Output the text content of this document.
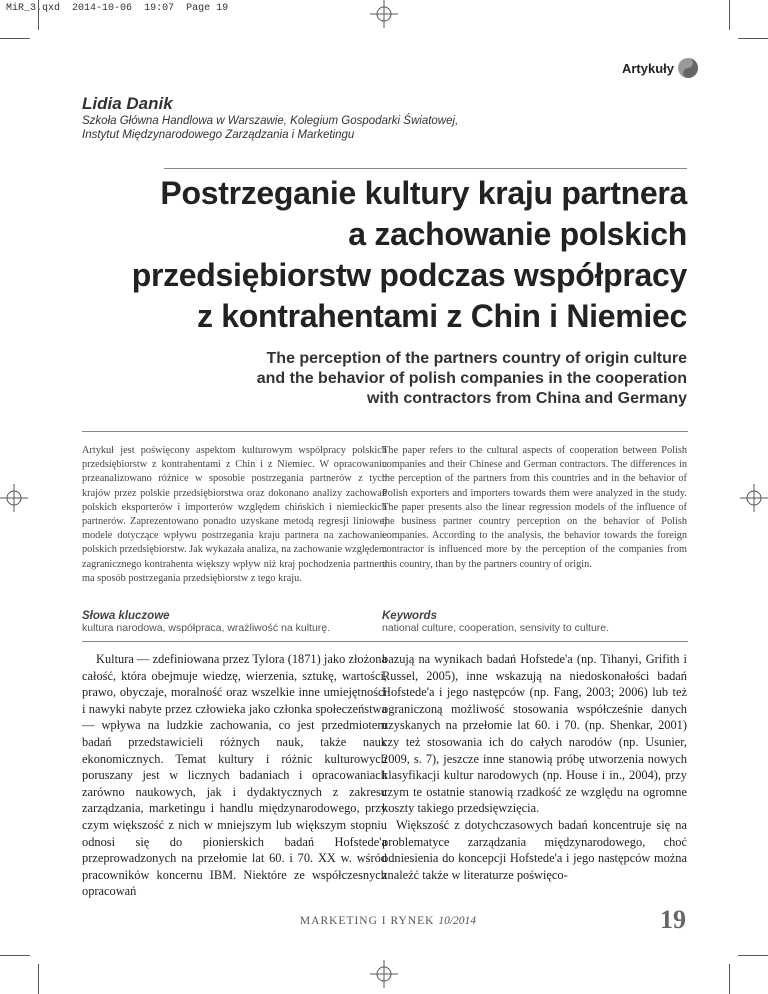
MiR_3.qxd 2014-10-06 19:07 Page 19
Artykuły
Lidia Danik
Szkoła Główna Handlowa w Warszawie, Kolegium Gospodarki Światowej,
Instytut Międzynarodowego Zarządzania i Marketingu
Postrzeganie kultury kraju partnera
a zachowanie polskich
przedsiębiorstw podczas współpracy
z kontrahentami z Chin i Niemiec
The perception of the partners country of origin culture
and the behavior of polish companies in the cooperation
with contractors from China and Germany
Artykuł jest poświęcony aspektom kulturowym współpracy polskich przedsiębiorstw z kontrahentami z Chin i z Niemiec. W opracowaniu przeanalizowano różnice w sposobie postrzegania partnerów z tych krajów przez polskie przedsiębiorstwa oraz dokonano analizy zachowań polskich eksporterów i importerów względem chińskich i niemieckich partnerów. Zaprezentowano ponadto uzyskane metodą regresji liniowej modele dotyczące wpływu postrzegania kraju partnera na zachowanie polskich przedsiębiorstw. Jak wykazała analiza, na zachowanie względem zagranicznego kontrahenta większy wpływ niż kraj pochodzenia partnera ma sposób postrzegania przedsiębiorstw z tego kraju.
The paper refers to the cultural aspects of cooperation between Polish companies and their Chinese and German contractors. The differences in the perception of the partners from this countries and in the behavior of Polish exporters and importers towards them were analyzed in the study. The paper presents also the linear regression models of the influence of the business partner country perception on the behavior of Polish companies. According to the analysis, the behavior towards the foreign contractor is influenced more by the perception of the companies from this country, than by the partners country of origin.
Słowa kluczowe
kultura narodowa, współpraca, wrażliwość na kulturę.
Keywords
national culture, cooperation, sensivity to culture.

Kultura — zdefiniowana przez Tylora (1871) jako złożona całość, która obejmuje wiedzę, wierzenia, sztukę, wartości, prawo, obyczaje, moralność oraz wszelkie inne umiejętności i nawyki nabyte przez człowieka jako członka społeczeństwa — wpływa na ludzkie zachowania, co jest przedmiotem badań przedstawicieli różnych nauk, także nauk ekonomicznych. Temat kultury i różnic kulturowych poruszany jest w licznych badaniach i opracowaniach zarówno naukowych, jak i dydaktycznych z zakresu zarządzania, marketingu i handlu międzynarodowego, przy czym większość z nich w mniejszym lub większym stopniu odnosi się do pionierskich badań Hofstede'a przeprowadzonych na przełomie lat 60. i 70. XX w. wśród pracowników koncernu IBM. Niektóre ze współczesnych opracowań

bazują na wynikach badań Hofstede'a (np. Tihanyi, Grifith i Russel, 2005), inne wskazują na niedoskonałości badań Hofstede'a i jego następców (np. Fang, 2003; 2006) lub też ograniczoną możliwość stosowania współcześnie danych uzyskanych na przełomie lat 60. i 70. (np. Shenkar, 2001) czy też stosowania ich do całych narodów (np. Usunier, 2009, s. 7), jeszcze inne stanowią próbę utworzenia nowych klasyfikacji kultur narodowych (np. House i in., 2004), przy czym te ostatnie stanowią rzadkość ze względu na ogromne koszty takiego przedsięwzięcia.

Większość z dotychczasowych badań koncentruje się na problematyce zarządzania międzynarodowego, choć odniesienia do koncepcji Hofstede'a i jego następców można znaleźć także w literaturze poświęco-

MARKETING I RYNEK 10/2014	19
